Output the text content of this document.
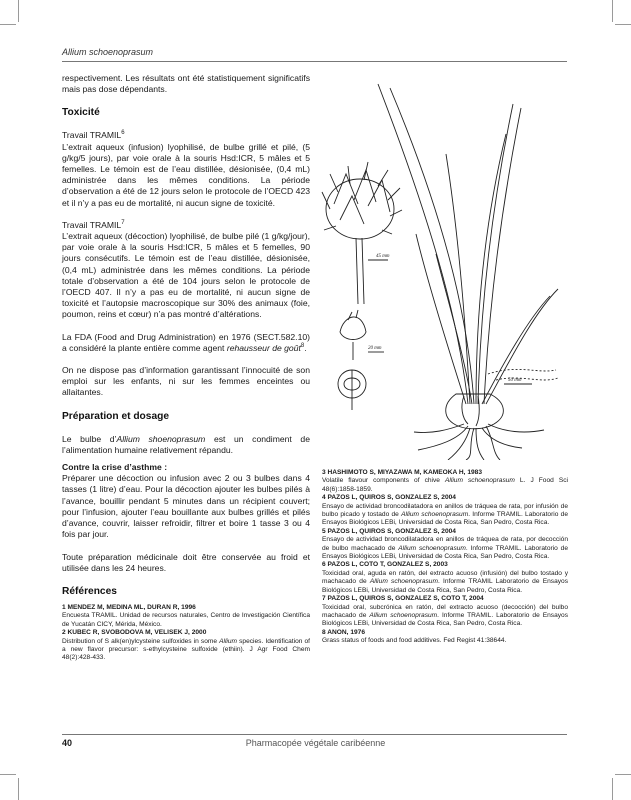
Allium schoenoprasum

respectivement. Les résultats ont été statistiquement significatifs mais pas dose dépendants.

Toxicité

Travail TRAMIL$^6$

L’extrait aqueux (infusion) lyophilisé, de bulbe grillé et pilé, (5 g/kg/5 jours), par voie orale à la souris Hsd:ICR, 5 mâles et 5 femelles. Le témoin est de l’eau distillée, désionisée, (0,4 mL) administrée dans les mêmes conditions. La période d’observation a été de 12 jours selon le protocole de l’OECD 423 et il n’y a pas eu de mortalité, ni aucun signe de toxicité.

Travail TRAMIL$^7$

L’extrait aqueux (décoction) lyophilisé, de bulbe pilé (1 g/kg/jour), par voie orale à la souris Hsd:ICR, 5 mâles et 5 femelles, 90 jours consécutifs. Le témoin est de l’eau distillée, désionisée, (0,4 mL) administrée dans les mêmes conditions. La période totale d’observation a été de 104 jours selon le protocole de l’OECD 407. Il n’y a pas eu de mortalité, ni aucun signe de toxicité et l’autopsie macroscopique sur 30% des animaux (foie, poumon, reins et cœur) n’a pas montré d’altérations.

La FDA (Food and Drug Administration) en 1976 (SECT.582.10) a considéré la plante entière comme agent rehausseur de goût$^8$.

On ne dispose pas d’information garantissant l’innocuité de son emploi sur les enfants, ni sur les femmes enceintes ou allaitantes.

Préparation et dosage

Le bulbe d’Allium shoenoprasum est un condiment de l’alimentation humaine relativement répandu.

Contre la crise d’asthme :

Préparer une décoction ou infusion avec 2 ou 3 bulbes dans 4 tasses (1 litre) d’eau. Pour la décoction ajouter les bulbes pilés à l’avance, bouillir pendant 5 minutes dans un récipient couvert; pour l’infusion, ajouter l’eau bouillante aux bulbes grillés et pilés d’avance, couvrir, laisser refroidir, filtrer et boire 1 tasse 3 ou 4 fois par jour.

Toute préparation médicinale doit être conservée au froid et utilisée dans les 24 heures.

Références

1 MENDEZ M, MEDINA ML, DURAN R, 1996

Encuesta TRAMIL. Unidad de recursos naturales, Centro de Investigación Científica de Yucatán CICY, Mérida, México.

2 KUBEC R, SVOBODOVA M, VELISEK J, 2000

Distribution of S alk(en)ylcysteine sulfoxides in some Allium species. Identification of a new flavor precursor: s-ethylcysteine sulfoxide (ethiin). J Agr Food Chem 48(2):428-433.

45 mm
20 mm
50 mm

3 HASHIMOTO S, MIYAZAWA M, KAMEOKA H, 1983

Volatile flavour components of chive Allium schoenoprasum L. J Food Sci 48(6):1858-1859.

4 PAZOS L, QUIROS S, GONZALEZ S, 2004

Ensayo de actividad broncodilatadora en anillos de tráquea de rata, por infusión de bulbo picado y tostado de Allium schoenoprasum. Informe TRAMIL. Laboratorio de Ensayos Biológicos LEBi, Universidad de Costa Rica, San Pedro, Costa Rica.

5 PAZOS L, QUIROS S, GONZALEZ S, 2004

Ensayo de actividad broncodilatadora en anillos de tráquea de rata, por decocción de bulbo machacado de Allium schoenoprasum. Informe TRAMIL. Laboratorio de Ensayos Biológicos LEBi, Universidad de Costa Rica, San Pedro, Costa Rica.

6 PAZOS L, COTO T, GONZALEZ S, 2003

Toxicidad oral, aguda en ratón, del extracto acuoso (infusión) del bulbo tostado y machacado de Allium schoenoprasum. Informe TRAMIL Laboratorio de Ensayos Biológicos LEBi, Universidad de Costa Rica, San Pedro, Costa Rica.

7 PAZOS L, QUIROS S, GONZALEZ S, COTO T, 2004

Toxicidad oral, subcrónica en ratón, del extracto acuoso (decocción) del bulbo machacado de Allium schoenoprasum. Informe TRAMIL. Laboratorio de Ensayos Biológicos LEBi, Universidad de Costa Rica, San Pedro, Costa Rica.

8 ANON, 1976

Grass status of foods and food additives. Fed Regist 41:38644.

40	Pharmacopée végétale caribéenne
